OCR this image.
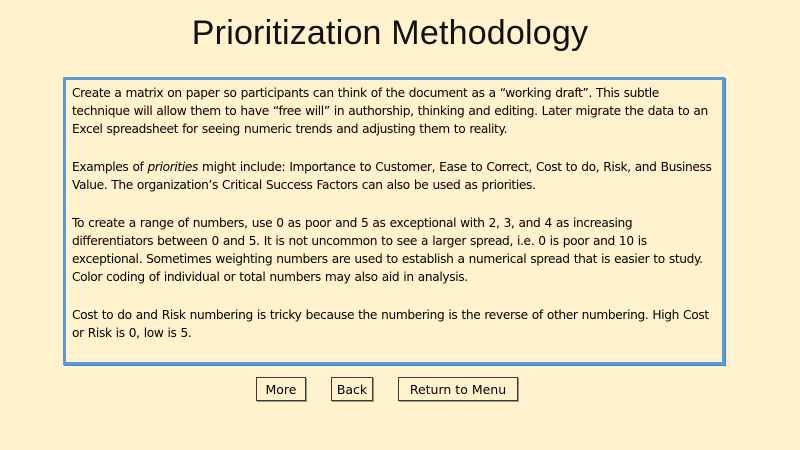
Prioritization Methodology

Create a matrix on paper so participants can think of the document as a “working draft”. This subtle technique will allow them to have “free will” in authorship, thinking and editing. Later migrate the data to an Excel spreadsheet for seeing numeric trends and adjusting them to reality.

Examples of priorities might include: Importance to Customer, Ease to Correct, Cost to do, Risk, and Business Value. The organization’s Critical Success Factors can also be used as priorities.

To create a range of numbers, use 0 as poor and 5 as exceptional with 2, 3, and 4 as increasing differentiators between 0 and 5. It is not uncommon to see a larger spread, i.e. 0 is poor and 10 is exceptional. Sometimes weighting numbers are used to establish a numerical spread that is easier to study. Color coding of individual or total numbers may also aid in analysis.

Cost to do and Risk numbering is tricky because the numbering is the reverse of other numbering. High Cost or Risk is 0, low is 5.

More	Back	Return to Menu
